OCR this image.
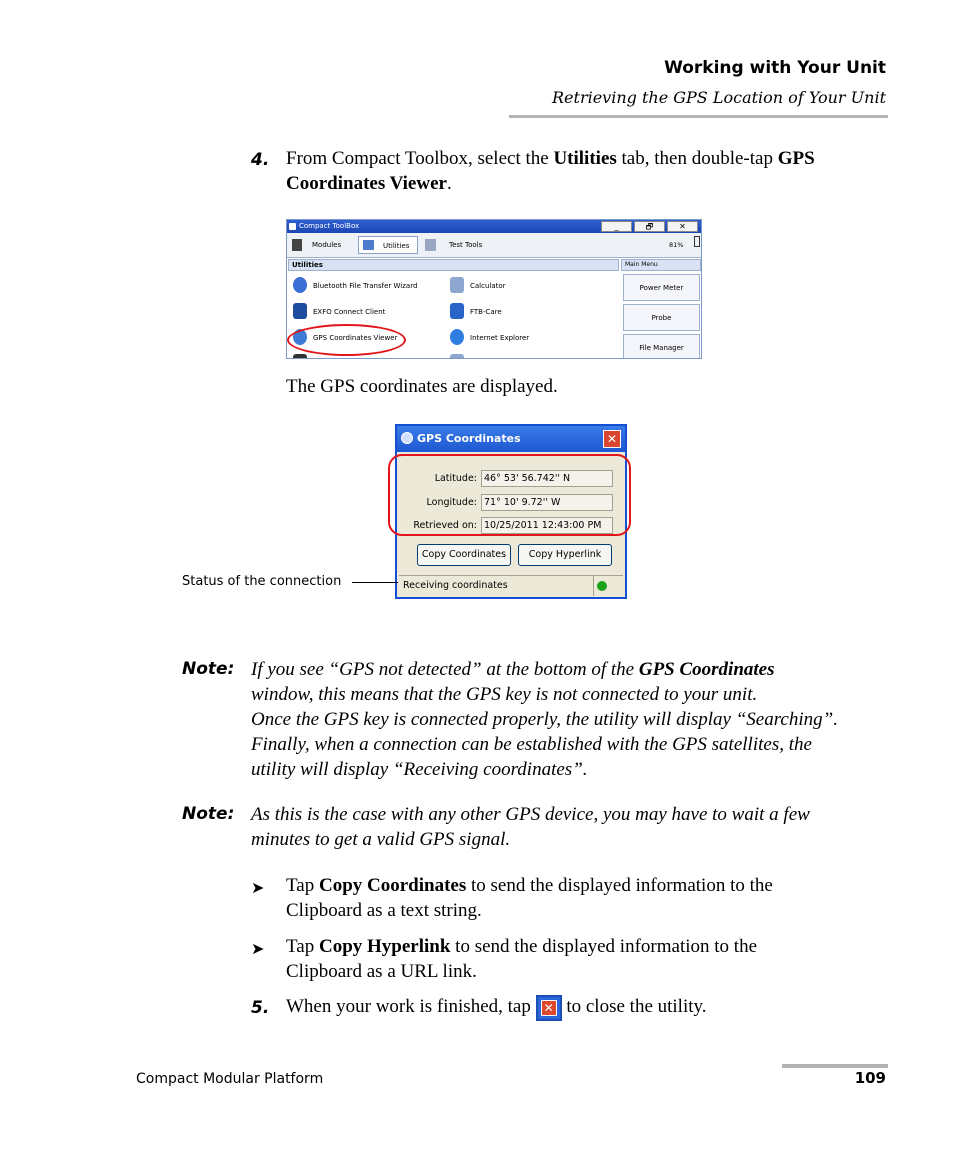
Working with Your Unit
Retrieving the GPS Location of Your Unit
4. From Compact Toolbox, select the Utilities tab, then double-tap GPS
Coordinates Viewer.
Compact ToolBox	_	🗗	✕
Modules	Utilities	Test Tools	81%
Utilities	Main Menu
Bluetooth File Transfer Wizard
EXFO Connect Client
GPS Coordinates Viewer
Calculator
FTB-Care
Internet Explorer
Power Meter
Probe
File Manager
The GPS coordinates are displayed.
GPS Coordinates	✕
Latitude: 46° 53' 56.742'' N
Longitude: 71° 10' 9.72'' W
Retrieved on: 10/25/2011 12:43:00 PM
Copy Coordinates	Copy Hyperlink
Receiving coordinates
Status of the connection
Note: If you see “GPS not detected” at the bottom of the GPS Coordinates
window, this means that the GPS key is not connected to your unit.
Once the GPS key is connected properly, the utility will display “Searching”.
Finally, when a connection can be established with the GPS satellites, the
utility will display “Receiving coordinates”.
Note: As this is the case with any other GPS device, you may have to wait a few
minutes to get a valid GPS signal.
➤ Tap Copy Coordinates to send the displayed information to the
Clipboard as a text string.
➤ Tap Copy Hyperlink to send the displayed information to the
Clipboard as a URL link.
5. When your work is finished, tap ✕ to close the utility.
Compact Modular Platform	109
